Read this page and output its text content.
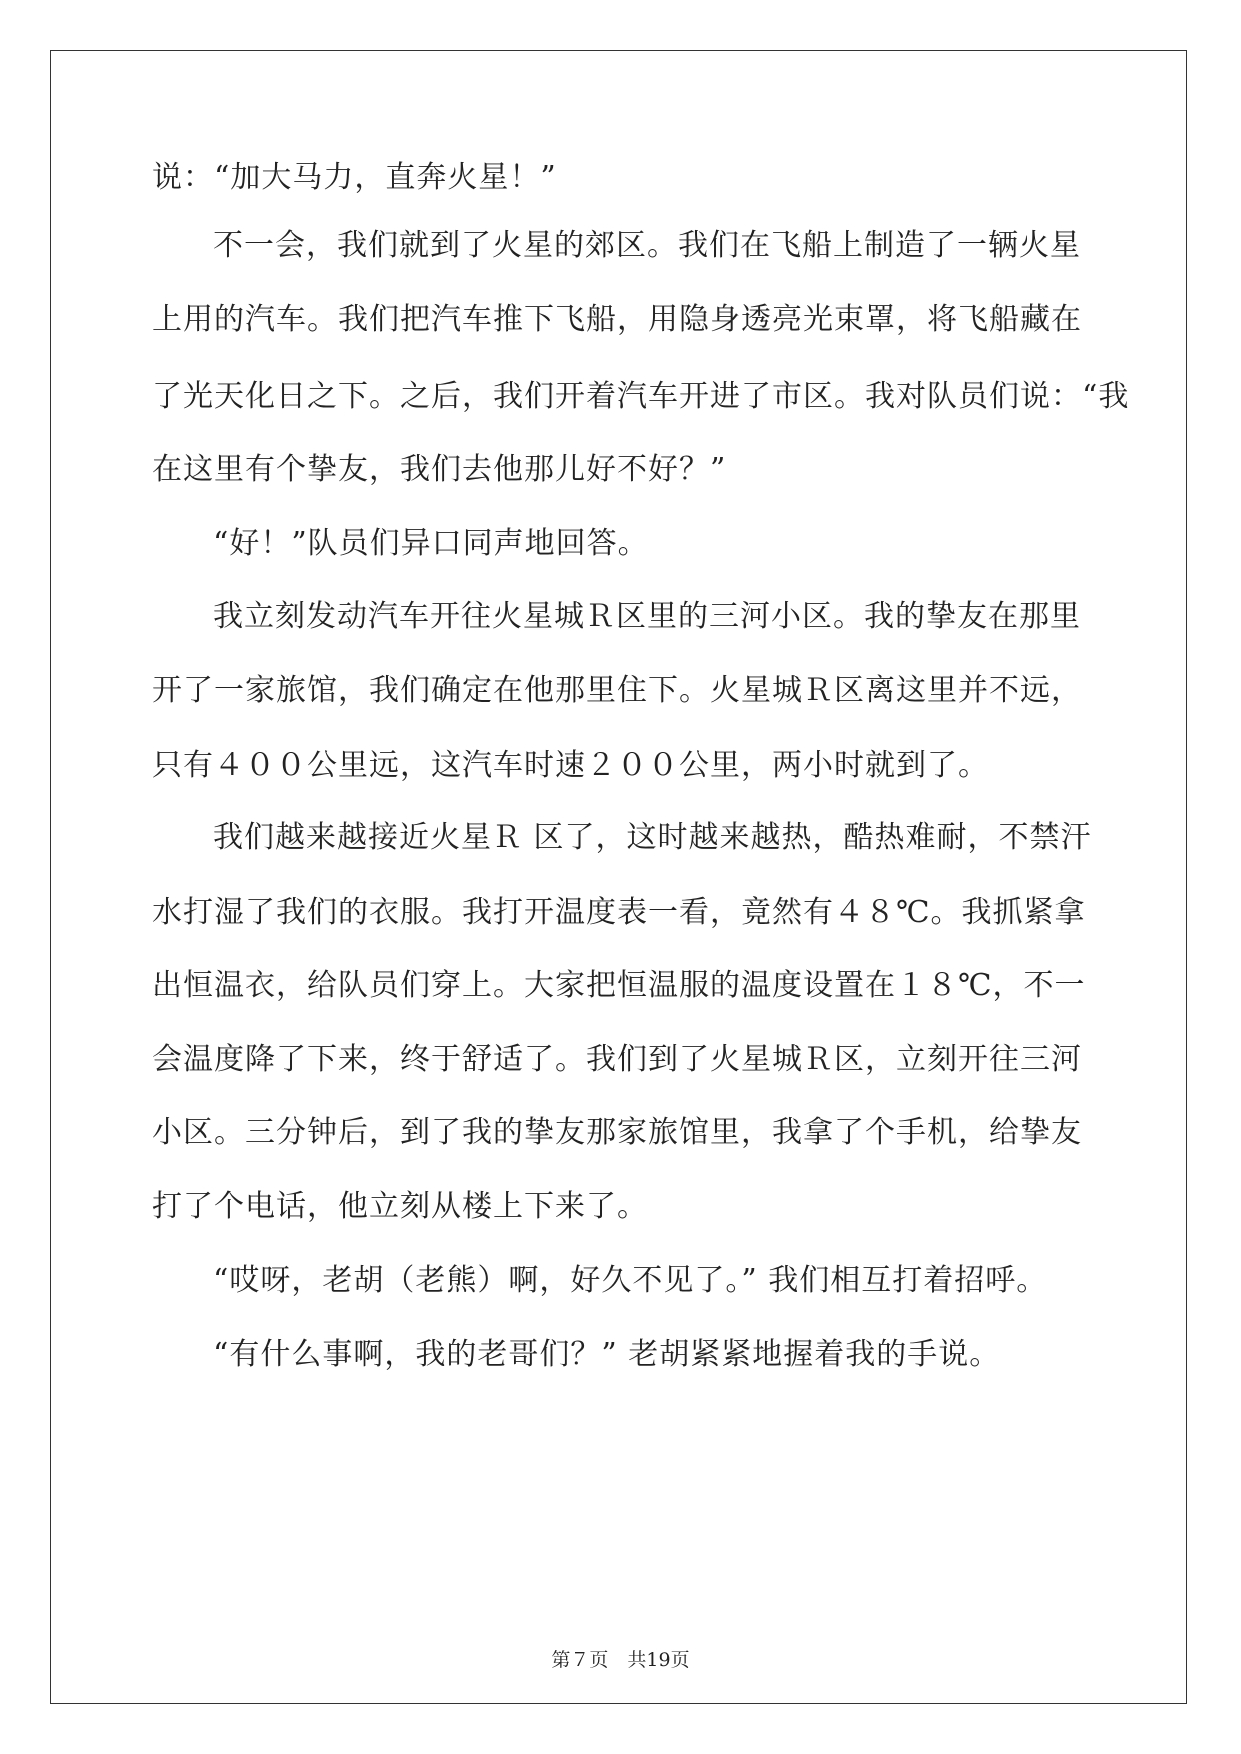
说：“加大马力，直奔火星！”
不一会，我们就到了火星的郊区。我们在飞船上制造了一辆火星
上用的汽车。我们把汽车推下飞船，用隐身透亮光束罩，将飞船藏在
了光天化日之下。之后，我们开着汽车开进了市区。我对队员们说：“我
在这里有个挚友，我们去他那儿好不好？”
“好！”队员们异口同声地回答。
我立刻发动汽车开往火星城Ｒ区里的三河小区。我的挚友在那里
开了一家旅馆，我们确定在他那里住下。火星城Ｒ区离这里并不远，
只有４００公里远，这汽车时速２００公里，两小时就到了。
我们越来越接近火星Ｒ 区了，这时越来越热，酷热难耐，不禁汗
水打湿了我们的衣服。我打开温度表一看，竟然有４８℃。我抓紧拿
出恒温衣，给队员们穿上。大家把恒温服的温度设置在１８℃，不一
会温度降了下来，终于舒适了。我们到了火星城Ｒ区，立刻开往三河
小区。三分钟后，到了我的挚友那家旅馆里，我拿了个手机，给挚友
打了个电话，他立刻从楼上下来了。
“哎呀，老胡（老熊）啊，好久不见了。” 我们相互打着招呼。
“有什么事啊，我的老哥们？” 老胡紧紧地握着我的手说。
第７页　共19页
